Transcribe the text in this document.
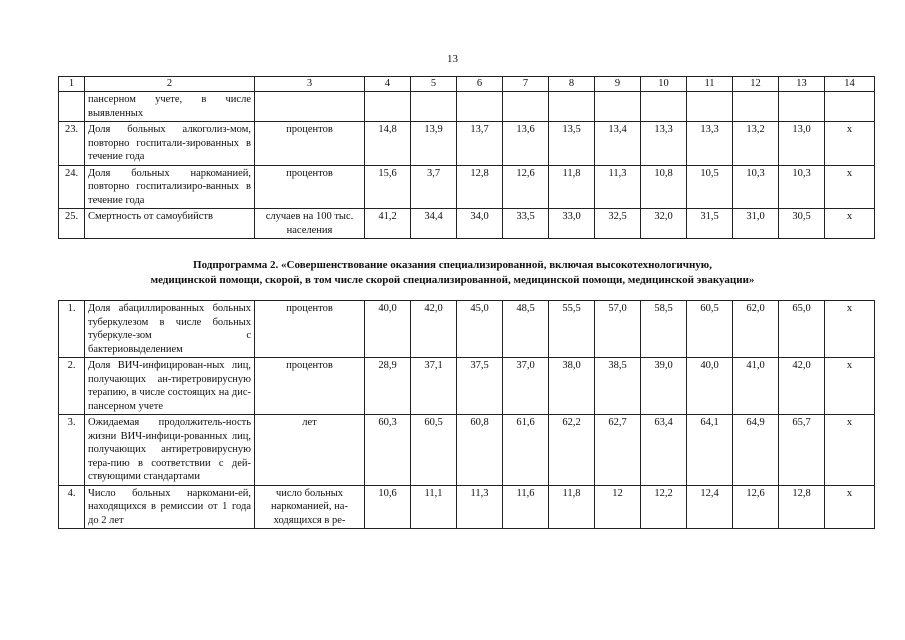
13
1	2	3	4	5	6	7	8	9	10	11	12	13	14
	пансерном учете, в числе выявленных												
23.	Доля больных алкоголиз-мом, повторно госпитали-зированных в течение года	процентов	14,8	13,9	13,7	13,6	13,5	13,4	13,3	13,3	13,2	13,0	x
24.	Доля больных наркоманией, повторно госпитализиро-ванных в течение года	процентов	15,6	3,7	12,8	12,6	11,8	11,3	10,8	10,5	10,3	10,3	x
25.	Смертность от самоубийств	случаев на 100 тыс. населения	41,2	34,4	34,0	33,5	33,0	32,5	32,0	31,5	31,0	30,5	x
Подпрограмма 2. «Совершенствование оказания специализированной, включая высокотехнологичную,
медицинской помощи, скорой, в том числе скорой специализированной, медицинской помощи, медицинской эвакуации»
1.	Доля абациллированных больных туберкулезом в числе больных туберкуле-зом с бактериовыделением	процентов	40,0	42,0	45,0	48,5	55,5	57,0	58,5	60,5	62,0	65,0	x
2.	Доля ВИЧ-инфицирован-ных лиц, получающих ан-тиретровирусную терапию, в числе состоящих на дис-пансерном учете	процентов	28,9	37,1	37,5	37,0	38,0	38,5	39,0	40,0	41,0	42,0	x
3.	Ожидаемая продолжитель-ность жизни ВИЧ-инфици-рованных лиц, получающих антиретровирусную тера-пию в соответствии с дей-ствующими стандартами	лет	60,3	60,5	60,8	61,6	62,2	62,7	63,4	64,1	64,9	65,7	x
4.	Число больных наркомани-ей, находящихся в ремиссии от 1 года до 2 лет	число больных наркоманией, на-ходящихся в ре-	10,6	11,1	11,3	11,6	11,8	12	12,2	12,4	12,6	12,8	x
